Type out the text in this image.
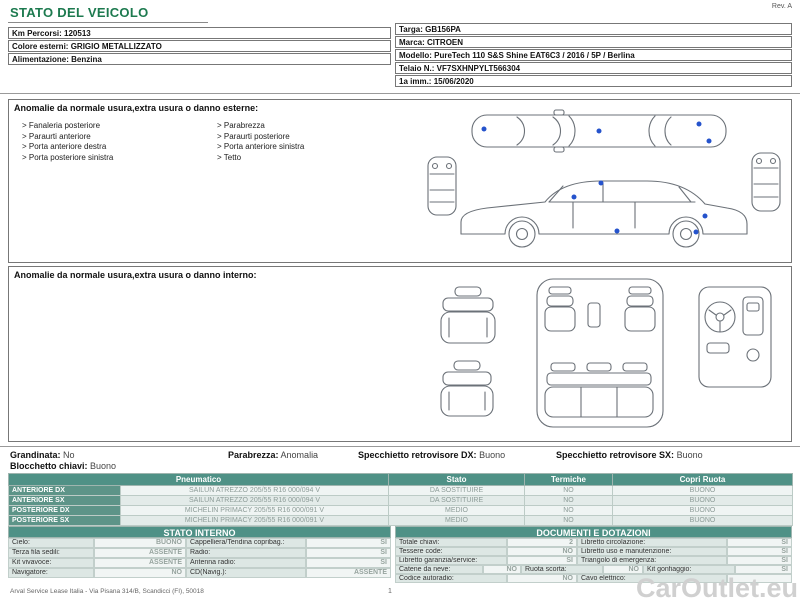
STATO DEL VEICOLO	Rev. A
Km Percorsi: 120513
Colore esterni: GRIGIO METALLIZZATO
Alimentazione: Benzina
Targa: GB156PA
Marca: CITROEN
Modello: PureTech 110 S&S Shine EAT6C3 / 2016 / 5P / Berlina
Telaio N.: VF7SXHNPYLT566304
1a imm.: 15/06/2020
Anomalie da normale usura,extra usura o danno esterne:
> Fanaleria posteriore
> Paraurti anteriore
> Porta anteriore destra
> Porta posteriore sinistra
> Parabrezza
> Paraurti posteriore
> Porta anteriore sinistra
> Tetto
Anomalie da normale usura,extra usura o danno interno:
Grandinata: No	Parabrezza: Anomalia	Specchietto retrovisore DX: Buono	Specchietto retrovisore SX: Buono
Blocchetto chiavi: Buono
Pneumatico		Stato	Termiche	Copri Ruota
ANTERIORE DX	SAILUN ATREZZO 205/55 R16 000/094 V	DA SOSTITUIRE	NO	BUONO
ANTERIORE SX	SAILUN ATREZZO 205/55 R16 000/094 V	DA SOSTITUIRE	NO	BUONO
POSTERIORE DX	MICHELIN PRIMACY 205/55 R16 000/091 V	MEDIO	NO	BUONO
POSTERIORE SX	MICHELIN PRIMACY 205/55 R16 000/091 V	MEDIO	NO	BUONO
STATO INTERNO
Cielo:	BUONO	Cappelliera/Tendina copribag.:	SI
Terza fila sedili:	ASSENTE	Radio:	SI
Kit vivavoce:	ASSENTE	Antenna radio:	SI
Navigatore:	NO	CD(Navig.):	ASSENTE
DOCUMENTI E DOTAZIONI
Totale chiavi:	2	Libretto circolazione:	SI
Tessere code:	NO	Libretto uso e manutenzione:	SI
Libretto garanzia/service:	SI	Triangolo di emergenza:	SI
Catene da neve:	NO	Ruota scorta:	NO	Kit gonfiaggio:	SI
Codice autoradio:	NO	Cavo elettrico:
Arval Service Lease Italia - Via Pisana 314/B, Scandicci (FI), 50018	1	CarOutlet.eu
